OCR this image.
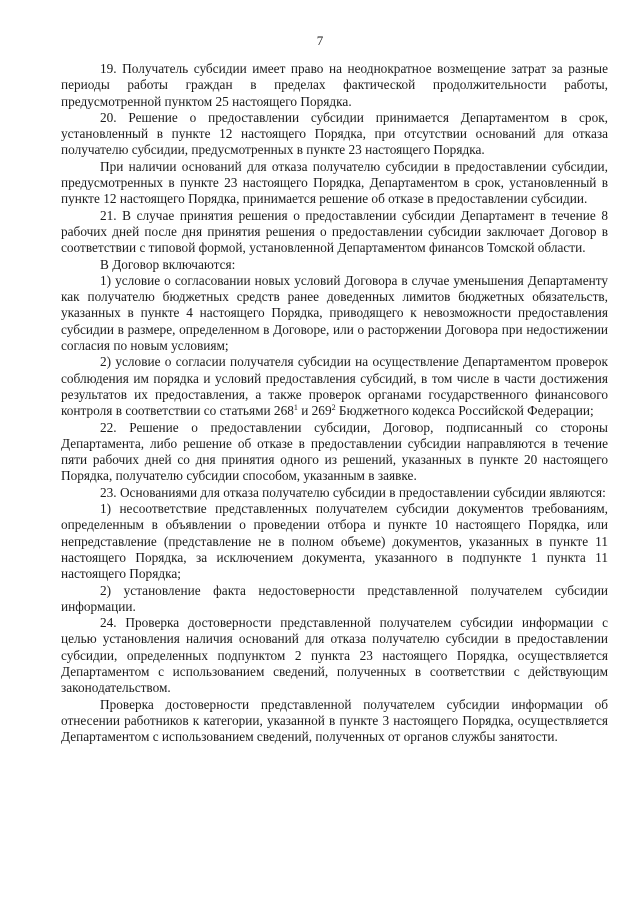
7

19. Получатель субсидии имеет право на неоднократное возмещение затрат за разные периоды работы граждан в пределах фактической продолжительности работы, предусмотренной пунктом 25 настоящего Порядка.

20. Решение о предоставлении субсидии принимается Департаментом в срок, установленный в пункте 12 настоящего Порядка, при отсутствии оснований для отказа получателю субсидии, предусмотренных в пункте 23 настоящего Порядка.

При наличии оснований для отказа получателю субсидии в предоставлении субсидии, предусмотренных в пункте 23 настоящего Порядка, Департаментом в срок, установленный в пункте 12 настоящего Порядка, принимается решение об отказе в предоставлении субсидии.

21. В случае принятия решения о предоставлении субсидии Департамент в течение 8 рабочих дней после дня принятия решения о предоставлении субсидии заключает Договор в соответствии с типовой формой, установленной Департаментом финансов Томской области.

В Договор включаются:

1) условие о согласовании новых условий Договора в случае уменьшения Департаменту как получателю бюджетных средств ранее доведенных лимитов бюджетных обязательств, указанных в пункте 4 настоящего Порядка, приводящего к невозможности предоставления субсидии в размере, определенном в Договоре, или о расторжении Договора при недостижении согласия по новым условиям;

2) условие о согласии получателя субсидии на осуществление Департаментом проверок соблюдения им порядка и условий предоставления субсидий, в том числе в части достижения результатов их предоставления, а также проверок органами государственного финансового контроля в соответствии со статьями $268^1$ и $269^2$ Бюджетного кодекса Российской Федерации;

22. Решение о предоставлении субсидии, Договор, подписанный со стороны Департамента, либо решение об отказе в предоставлении субсидии направляются в течение пяти рабочих дней со дня принятия одного из решений, указанных в пункте 20 настоящего Порядка, получателю субсидии способом, указанным в заявке.

23. Основаниями для отказа получателю субсидии в предоставлении субсидии являются:

1) несоответствие представленных получателем субсидии документов требованиям, определенным в объявлении о проведении отбора и пункте 10 настоящего Порядка, или непредставление (представление не в полном объеме) документов, указанных в пункте 11 настоящего Порядка, за исключением документа, указанного в подпункте 1 пункта 11 настоящего Порядка;

2) установление факта недостоверности представленной получателем субсидии информации.

24. Проверка достоверности представленной получателем субсидии информации с целью установления наличия оснований для отказа получателю субсидии в предоставлении субсидии, определенных подпунктом 2 пункта 23 настоящего Порядка, осуществляется Департаментом с использованием сведений, полученных в соответствии с действующим законодательством.

Проверка достоверности представленной получателем субсидии информации об отнесении работников к категории, указанной в пункте 3 настоящего Порядка, осуществляется Департаментом с использованием сведений, полученных от органов службы занятости.
